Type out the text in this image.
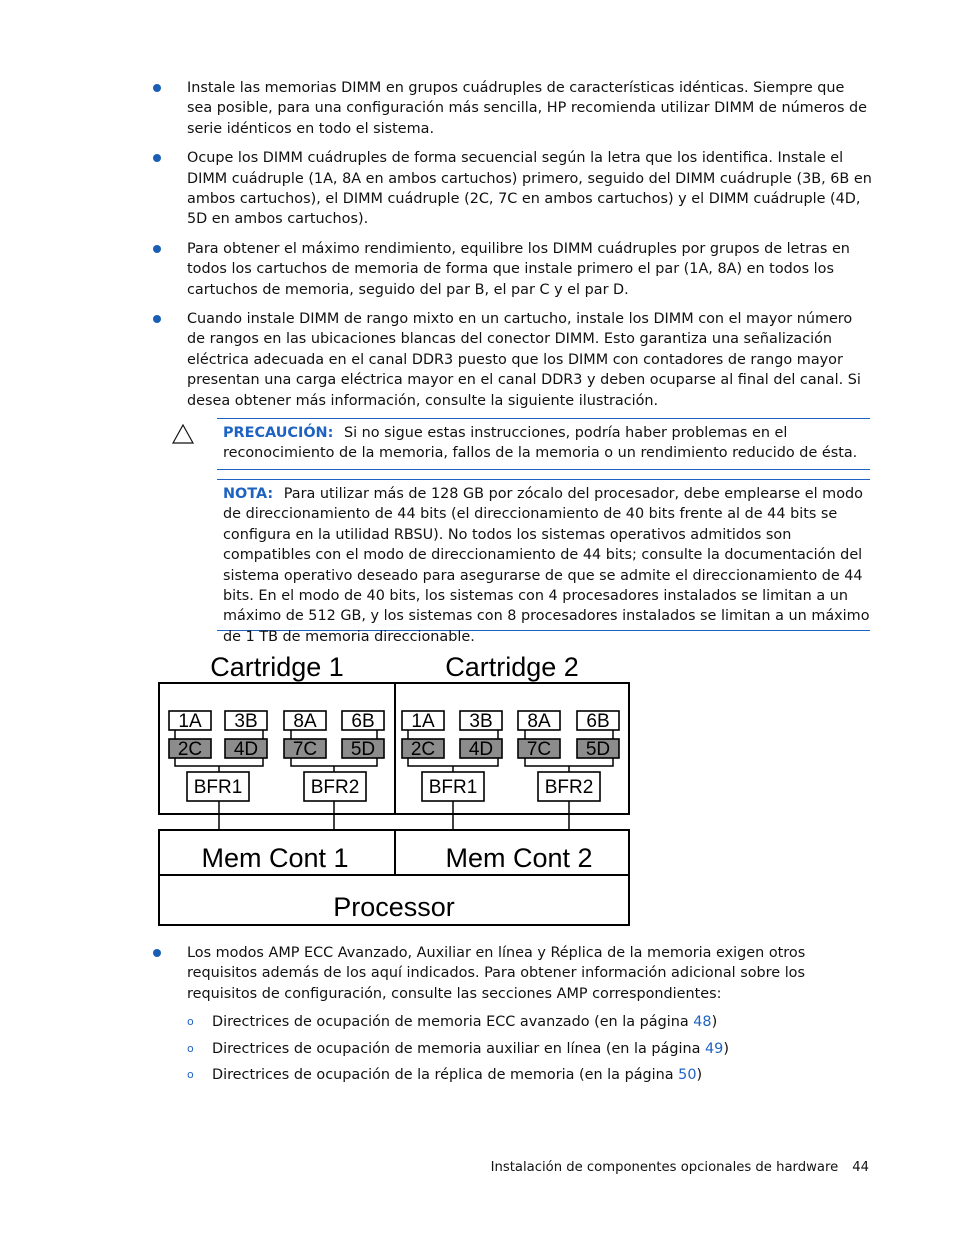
Instale las memorias DIMM en grupos cuádruples de características idénticas. Siempre que sea posible, para una configuración más sencilla, HP recomienda utilizar DIMM de números de serie idénticos en todo el sistema.
Ocupe los DIMM cuádruples de forma secuencial según la letra que los identifica. Instale el DIMM cuádruple (1A, 8A en ambos cartuchos) primero, seguido del DIMM cuádruple (3B, 6B en ambos cartuchos), el DIMM cuádruple (2C, 7C en ambos cartuchos) y el DIMM cuádruple (4D, 5D en ambos cartuchos).
Para obtener el máximo rendimiento, equilibre los DIMM cuádruples por grupos de letras en todos los cartuchos de memoria de forma que instale primero el par (1A, 8A) en todos los cartuchos de memoria, seguido del par B, el par C y el par D.
Cuando instale DIMM de rango mixto en un cartucho, instale los DIMM con el mayor número de rangos en las ubicaciones blancas del conector DIMM. Esto garantiza una señalización eléctrica adecuada en el canal DDR3 puesto que los DIMM con contadores de rango mayor presentan una carga eléctrica mayor en el canal DDR3 y deben ocuparse al final del canal. Si desea obtener más información, consulte la siguiente ilustración.
PRECAUCIÓN: Si no sigue estas instrucciones, podría haber problemas en el reconocimiento de la memoria, fallos de la memoria o un rendimiento reducido de ésta.
NOTA: Para utilizar más de 128 GB por zócalo del procesador, debe emplearse el modo de direccionamiento de 44 bits (el direccionamiento de 40 bits frente al de 44 bits se configura en la utilidad RBSU). No todos los sistemas operativos admitidos son compatibles con el modo de direccionamiento de 44 bits; consulte la documentación del sistema operativo deseado para asegurarse de que se admite el direccionamiento de 44 bits. En el modo de 40 bits, los sistemas con 4 procesadores instalados se limitan a un máximo de 512 GB, y los sistemas con 8 procesadores instalados se limitan a un máximo de 1 TB de memoria direccionable.
Cartridge 1	Cartridge 2
1A 3B 8A 6B
2C 4D 7C 5D
BFR1	BFR2
1A 3B 8A 6B
2C 4D 7C 5D
BFR1	BFR2
Mem Cont 1	Mem Cont 2
Processor
Los modos AMP ECC Avanzado, Auxiliar en línea y Réplica de la memoria exigen otros requisitos además de los aquí indicados. Para obtener información adicional sobre los requisitos de configuración, consulte las secciones AMP correspondientes:
o Directrices de ocupación de memoria ECC avanzado (en la página 48)
o Directrices de ocupación de memoria auxiliar en línea (en la página 49)
o Directrices de ocupación de la réplica de memoria (en la página 50)
Instalación de componentes opcionales de hardware 44
